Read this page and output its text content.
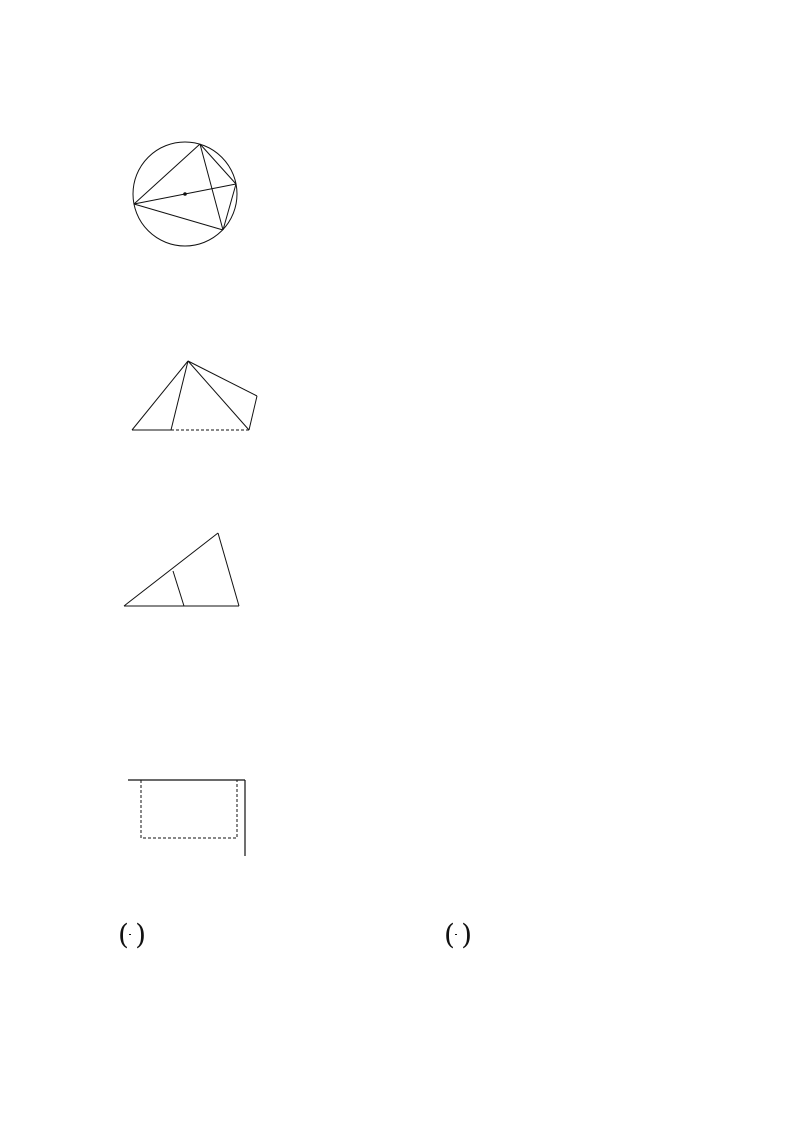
( )	( )
